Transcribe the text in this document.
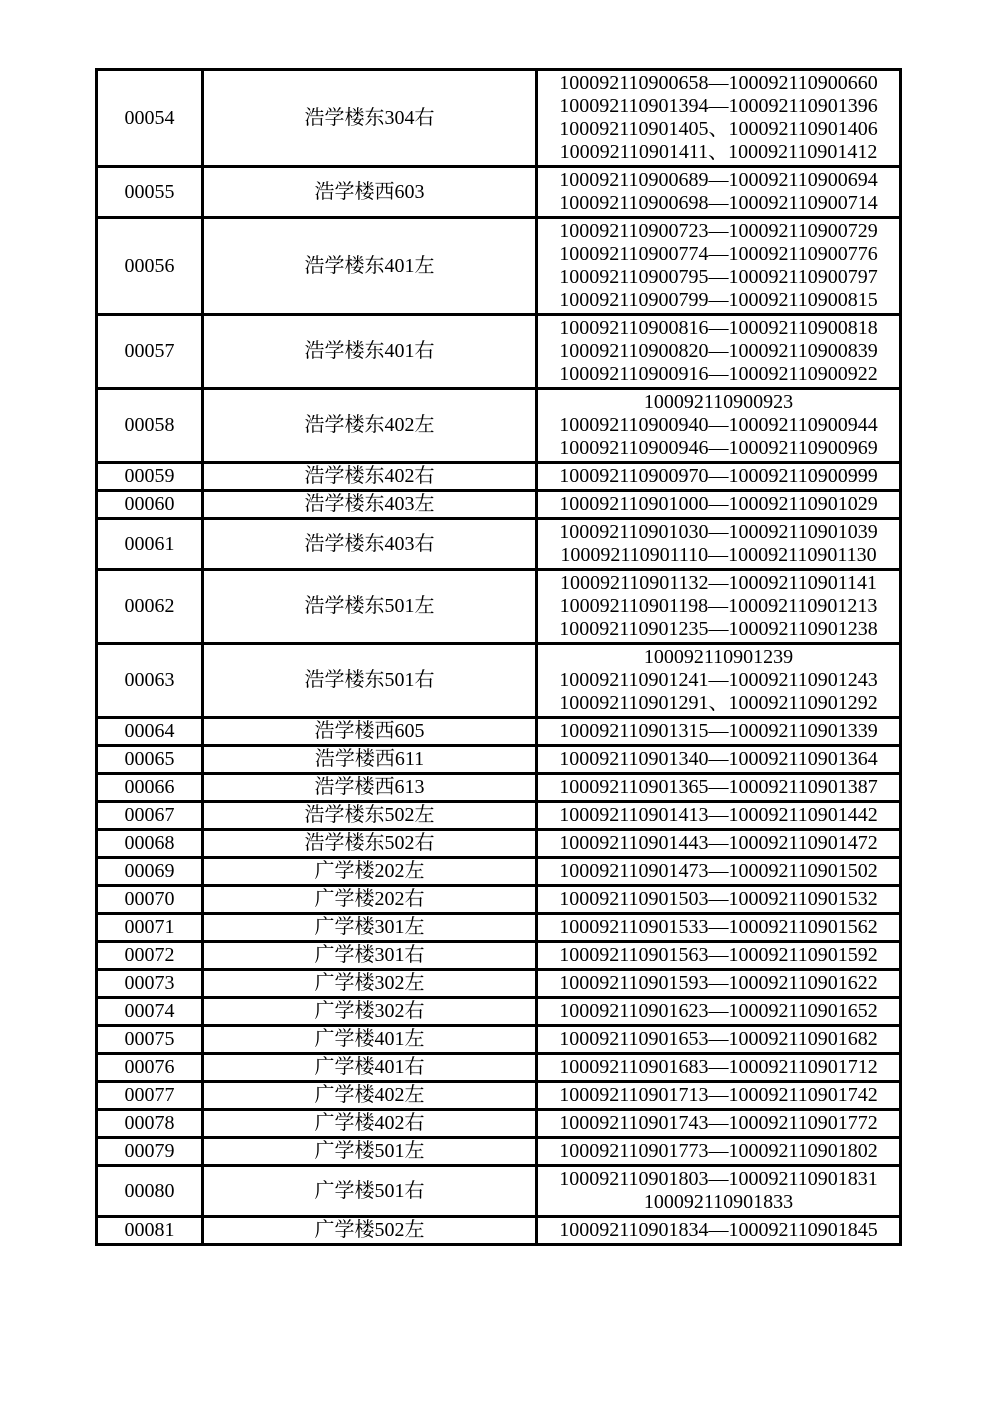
00054	浩学楼东304右	100092110900658—100092110900660
100092110901394—100092110901396
100092110901405、100092110901406
100092110901411、100092110901412

00055	浩学楼西603	100092110900689—100092110900694
100092110900698—100092110900714

00056	浩学楼东401左	100092110900723—100092110900729
100092110900774—100092110900776
100092110900795—100092110900797
100092110900799—100092110900815

00057	浩学楼东401右	100092110900816—100092110900818
100092110900820—100092110900839
100092110900916—100092110900922

00058	浩学楼东402左	100092110900923
100092110900940—100092110900944
100092110900946—100092110900969

00059	浩学楼东402右	100092110900970—100092110900999

00060	浩学楼东403左	100092110901000—100092110901029

00061	浩学楼东403右	100092110901030—100092110901039
100092110901110—100092110901130

00062	浩学楼东501左	100092110901132—100092110901141
100092110901198—100092110901213
100092110901235—100092110901238

00063	浩学楼东501右	100092110901239
100092110901241—100092110901243
100092110901291、100092110901292

00064	浩学楼西605	100092110901315—100092110901339

00065	浩学楼西611	100092110901340—100092110901364

00066	浩学楼西613	100092110901365—100092110901387

00067	浩学楼东502左	100092110901413—100092110901442

00068	浩学楼东502右	100092110901443—100092110901472

00069	广学楼202左	100092110901473—100092110901502

00070	广学楼202右	100092110901503—100092110901532

00071	广学楼301左	100092110901533—100092110901562

00072	广学楼301右	100092110901563—100092110901592

00073	广学楼302左	100092110901593—100092110901622

00074	广学楼302右	100092110901623—100092110901652

00075	广学楼401左	100092110901653—100092110901682

00076	广学楼401右	100092110901683—100092110901712

00077	广学楼402左	100092110901713—100092110901742

00078	广学楼402右	100092110901743—100092110901772

00079	广学楼501左	100092110901773—100092110901802

00080	广学楼501右	100092110901803—100092110901831
100092110901833

00081	广学楼502左	100092110901834—100092110901845
